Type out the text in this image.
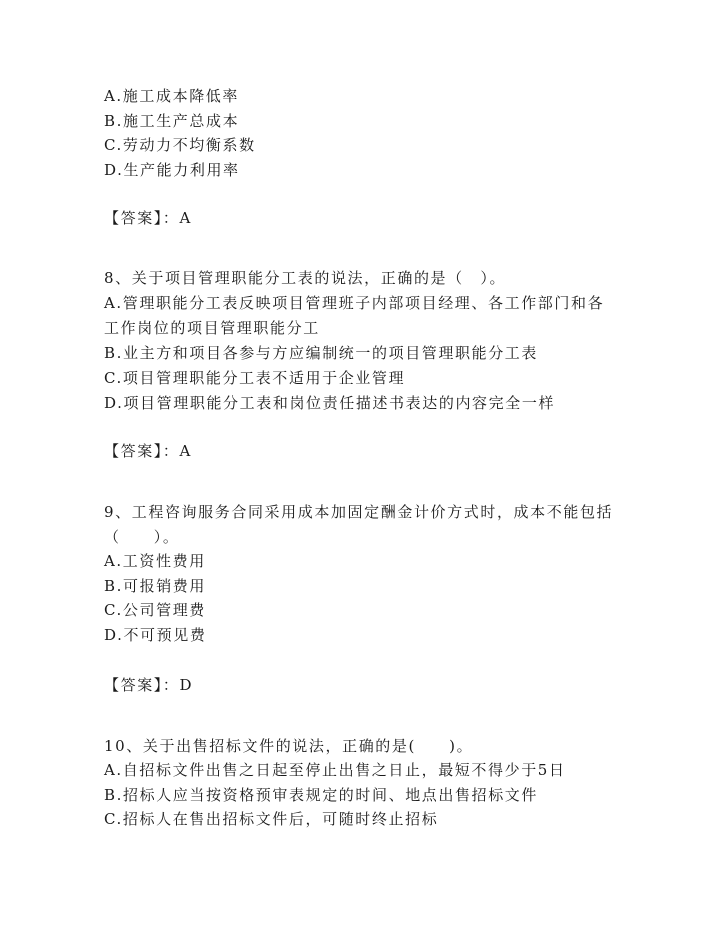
A.施工成本降低率
B.施工生产总成本
C.劳动力不均衡系数
D.生产能力利用率
【答案】：A
8、关于项目管理职能分工表的说法，正确的是（　）。
A.管理职能分工表反映项目管理班子内部项目经理、各工作部门和各
工作岗位的项目管理职能分工
B.业主方和项目各参与方应编制统一的项目管理职能分工表
C.项目管理职能分工表不适用于企业管理
D.项目管理职能分工表和岗位责任描述书表达的内容完全一样
【答案】：A
9、工程咨询服务合同采用成本加固定酬金计价方式时，成本不能包括
（　　）。
A.工资性费用
B.可报销费用
C.公司管理费
D.不可预见费
【答案】：D
10、关于出售招标文件的说法，正确的是(　　)。
A.自招标文件出售之日起至停止出售之日止，最短不得少于5日
B.招标人应当按资格预审表规定的时间、地点出售招标文件
C.招标人在售出招标文件后，可随时终止招标
